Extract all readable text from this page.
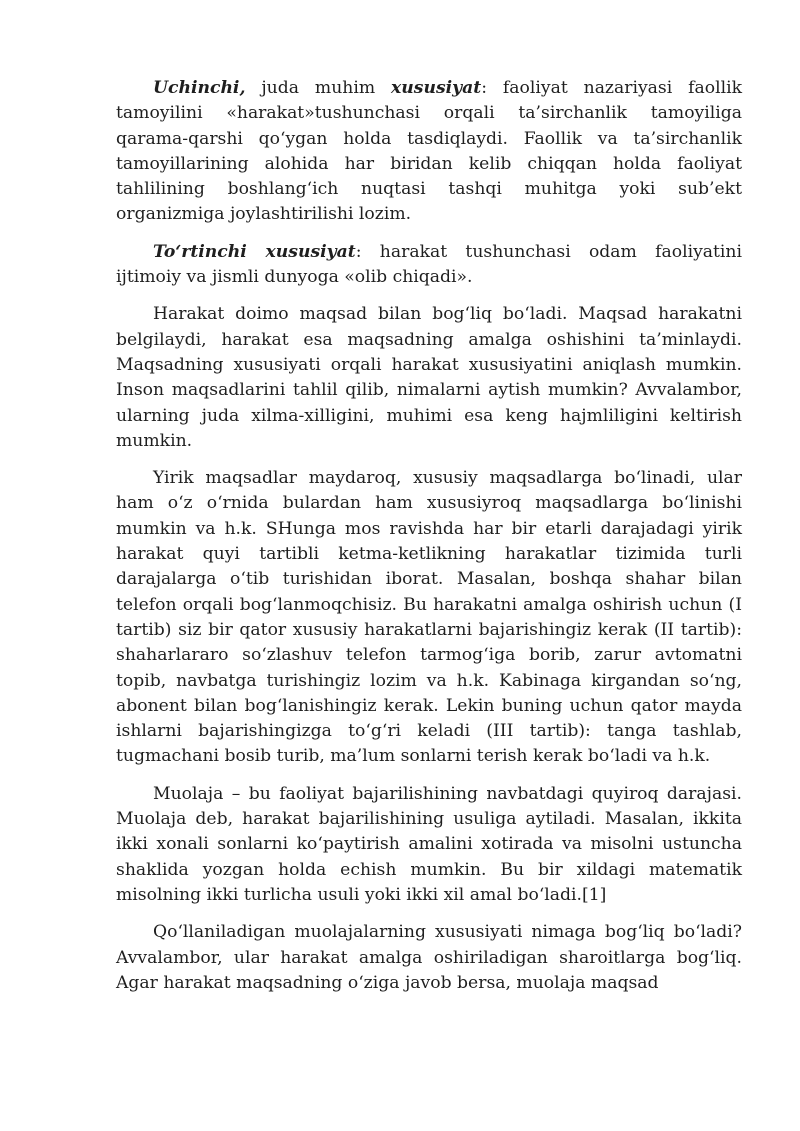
Uchinchi, juda muhim xususiyat: faoliyat nazariyasi faollik tamoyilini «harakat»tushunchasi orqali ta’sirchanlik tamoyiliga qarama-qarshi qo‘ygan holda tasdiqlaydi. Faollik va ta’sirchanlik tamoyillarining alohida har biridan kelib chiqqan holda faoliyat tahlilining boshlang‘ich nuqtasi tashqi muhitga yoki sub’ekt organizmiga joylashtirilishi lozim.

To‘rtinchi xususiyat: harakat tushunchasi odam faoliyatini ijtimoiy va jismli dunyoga «olib chiqadi».

Harakat doimo maqsad bilan bog‘liq bo‘ladi. Maqsad harakatni belgilaydi, harakat esa maqsadning amalga oshishini ta’minlaydi. Maqsadning xususiyati orqali harakat xususiyatini aniqlash mumkin. Inson maqsadlarini tahlil qilib, nimalarni aytish mumkin? Avvalambor, ularning juda xilma-xilligini, muhimi esa keng hajmliligini keltirish mumkin.

Yirik maqsadlar maydaroq, xususiy maqsadlarga bo‘linadi, ular ham o‘z o‘rnida bulardan ham xususiyroq maqsadlarga bo‘linishi mumkin va h.k. SHunga mos ravishda har bir etarli darajadagi yirik harakat quyi tartibli ketma-ketlikning harakatlar tizimida turli darajalarga o‘tib turishidan iborat. Masalan, boshqa shahar bilan telefon orqali bog‘lanmoqchisiz. Bu harakatni amalga oshirish uchun (I tartib) siz bir qator xususiy harakatlarni bajarishingiz kerak (II tartib): shaharlararo so‘zlashuv telefon tarmog‘iga borib, zarur avtomatni topib, navbatga turishingiz lozim va h.k. Kabinaga kirgandan so‘ng, abonent bilan bog‘lanishingiz kerak. Lekin buning uchun qator mayda ishlarni bajarishingizga to‘g‘ri keladi (III tartib): tanga tashlab, tugmachani bosib turib, ma’lum sonlarni terish kerak bo‘ladi va h.k.

Muolaja – bu faoliyat bajarilishining navbatdagi quyiroq darajasi. Muolaja deb, harakat bajarilishining usuliga aytiladi. Masalan, ikkita ikki xonali sonlarni ko‘paytirish amalini xotirada va misolni ustuncha shaklida yozgan holda echish mumkin. Bu bir xildagi matematik misolning ikki turlicha usuli yoki ikki xil amal bo‘ladi.[1]

Qo‘llaniladigan muolajalarning xususiyati nimaga bog‘liq bo‘ladi? Avvalambor, ular harakat amalga oshiriladigan sharoitlarga bog‘liq. Agar harakat maqsadning o‘ziga javob bersa, muolaja maqsad
